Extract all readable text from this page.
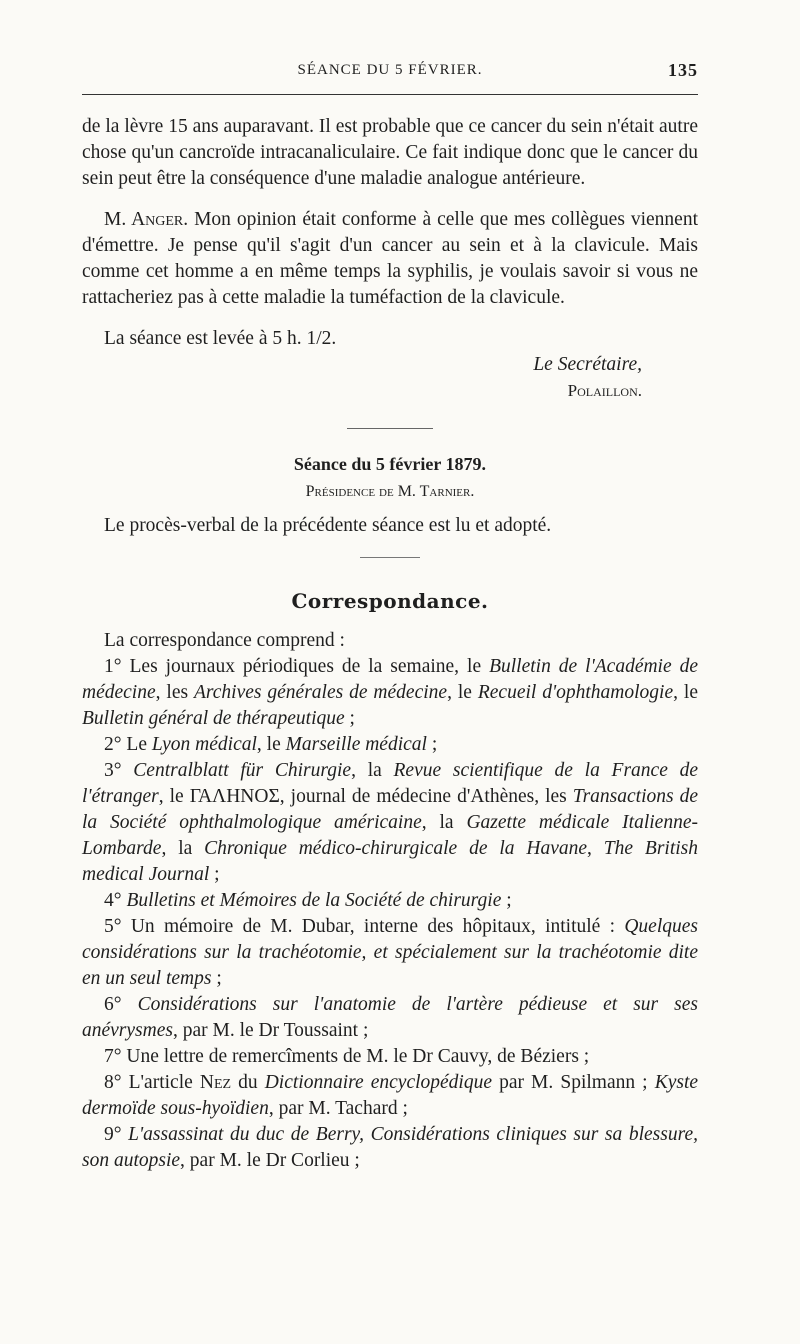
SÉANCE DU 5 FÉVRIER.	135

de la lèvre 15 ans auparavant. Il est probable que ce cancer du sein n'était autre chose qu'un cancroïde intracanaliculaire. Ce fait indique donc que le cancer du sein peut être la conséquence d'une maladie analogue antérieure.

M. Anger. Mon opinion était conforme à celle que mes collègues viennent d'émettre. Je pense qu'il s'agit d'un cancer au sein et à la clavicule. Mais comme cet homme a en même temps la syphilis, je voulais savoir si vous ne rattacheriez pas à cette maladie la tuméfaction de la clavicule.

La séance est levée à 5 h. 1/2.

Le Secrétaire,

Polaillon.

Séance du 5 février 1879.

Présidence de M. Tarnier.

Le procès-verbal de la précédente séance est lu et adopté.

Correspondance.

La correspondance comprend :

1° Les journaux périodiques de la semaine, le Bulletin de l'Académie de médecine, les Archives générales de médecine, le Recueil d'ophthamologie, le Bulletin général de thérapeutique ;

2° Le Lyon médical, le Marseille médical ;

3° Centralblatt für Chirurgie, la Revue scientifique de la France de l'étranger, le ΓΑΛΗΝΟΣ, journal de médecine d'Athènes, les Transactions de la Société ophthalmologique américaine, la Gazette médicale Italienne-Lombarde, la Chronique médico-chirurgicale de la Havane, The British medical Journal ;

4° Bulletins et Mémoires de la Société de chirurgie ;

5° Un mémoire de M. Dubar, interne des hôpitaux, intitulé : Quelques considérations sur la trachéotomie, et spécialement sur la trachéotomie dite en un seul temps ;

6° Considérations sur l'anatomie de l'artère pédieuse et sur ses anévrysmes, par M. le Dr Toussaint ;

7° Une lettre de remercîments de M. le Dr Cauvy, de Béziers ;

8° L'article Nez du Dictionnaire encyclopédique par M. Spilmann ; Kyste dermoïde sous-hyoïdien, par M. Tachard ;

9° L'assassinat du duc de Berry, Considérations cliniques sur sa blessure, son autopsie, par M. le Dr Corlieu ;
